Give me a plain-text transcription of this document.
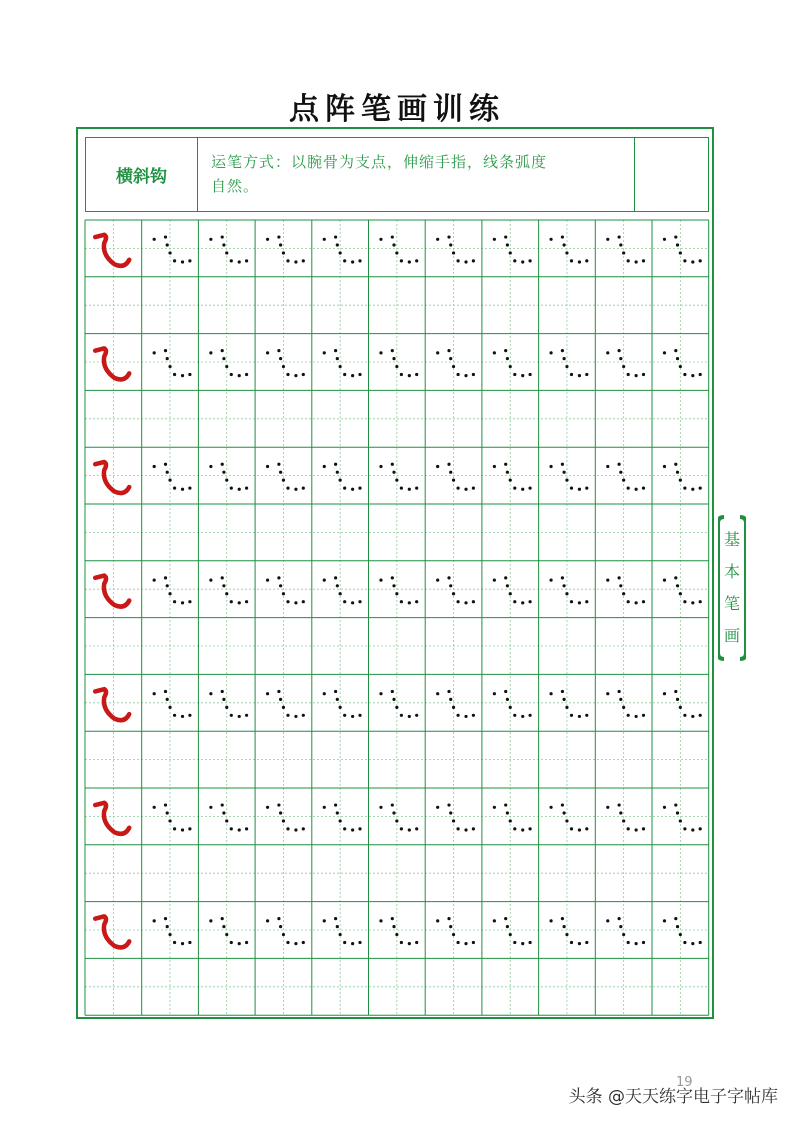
点阵笔画训练
横斜钩
运笔方式：以腕骨为支点，伸缩手指，线条弧度
自然。
基
本
笔
画
19
头条 @天天练字电子字帖库
